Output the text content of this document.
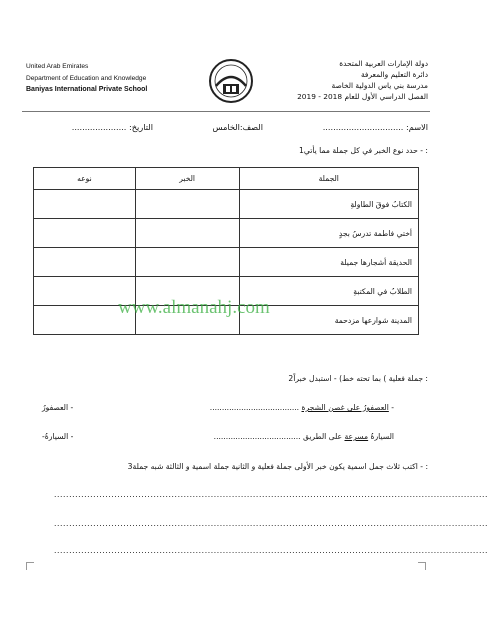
United Arab Emirates
Department of Education and Knowledge
Baniyas International Private School
دولة الإمارات العربية المتحدة
دائرة التعليم والمعرفة
مدرسة بني ياس الدولية الخاصة
الفصل الدراسي الأول للعام 2018 - 2019
الاسم: ...............................
الصف:الخامس
التاريخ: .....................
: - حدد نوع الخبر في كل جملة مما يأتي1
الجملة	الخبر	نوعه
الكتابُ فوقَ الطاولةِ		
أختي فاطمة تدرسُ بجدٍ		
الحديقة أشجارها جميلة		
الطلابُ في المكتبةِ		
المدينة شوارعها مزدحمة		
www.almanahj.com
: جملة فعلية ) بما تحته خط) - استبدل خبراً2
- العصفورُ على غصن الشجرة .....................................
- العصفورُ
السيارةُ مسرعة على الطريق ....................................
- السيارةُ-
: - اكتب ثلاث جمل اسمية يكون خبر الأولى جملة فعلية و الثانية جملة اسمية و الثالثة شبه جملة3
................................................................................................................................................
................................................................................................................................................
................................................................................................................................................
